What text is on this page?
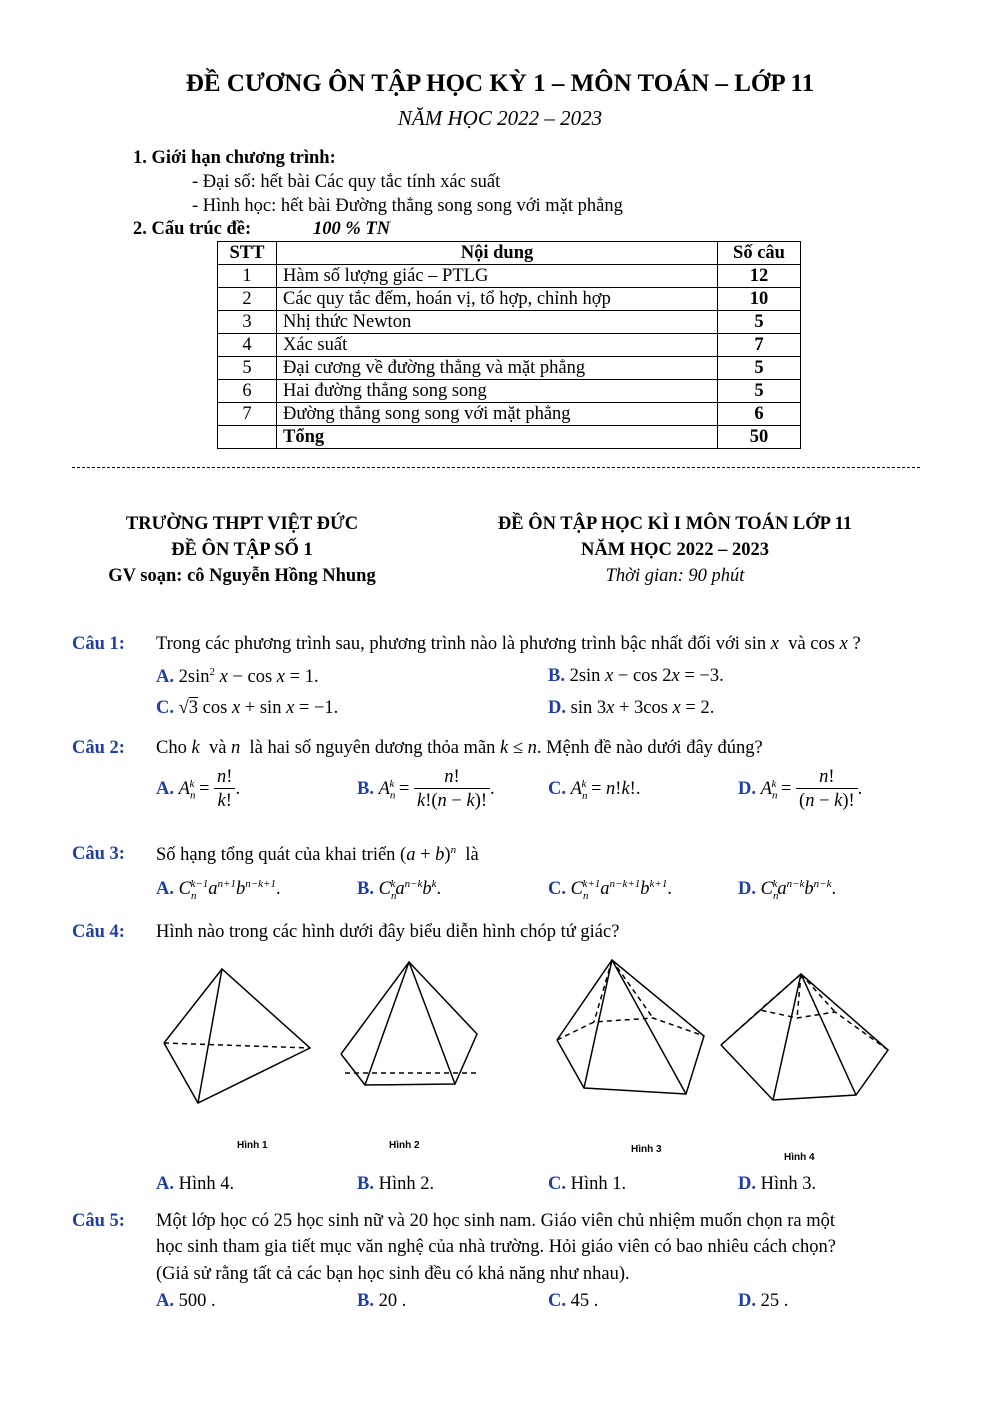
ĐỀ CƯƠNG ÔN TẬP HỌC KỲ 1 – MÔN TOÁN – LỚP 11
NĂM HỌC 2022 – 2023
1. Giới hạn chương trình:
- Đại số: hết bài Các quy tắc tính xác suất
- Hình học: hết bài Đường thẳng song song với mặt phẳng
2. Cấu trúc đề:	100 % TN
STT	Nội dung	Số câu
1	Hàm số lượng giác – PTLG	12
2	Các quy tắc đếm, hoán vị, tổ hợp, chỉnh hợp	10
3	Nhị thức Newton	5
4	Xác suất	7
5	Đại cương về đường thẳng và mặt phẳng	5
6	Hai đường thẳng song song	5
7	Đường thẳng song song với mặt phẳng	6
	Tổng	50
TRƯỜNG THPT VIỆT ĐỨC
ĐỀ ÔN TẬP SỐ 1
GV soạn: cô Nguyễn Hồng Nhung
ĐỀ ÔN TẬP HỌC KÌ I MÔN TOÁN LỚP 11
NĂM HỌC 2022 – 2023
Thời gian: 90 phút
Câu 1: Trong các phương trình sau, phương trình nào là phương trình bậc nhất đối với sin x và cos x ?
A. $2\sin^2$ x − cos x = 1.	B. 2sin x − cos 2x = −3.
C. √3 cos x + sin x = −1.	D. sin 3x + 3cos x = 2.
Câu 2: Cho k và n là hai số nguyên dương thỏa mãn k ≤ n. Mệnh đề nào dưới đây đúng?
A. $A_n^k = \frac{n!}{k!}$ .	B. $A_n^k = \frac{n!}{k!(n - k)!}$ .	C. $A_n^k = n!k$!.	D. $A_n^k = \frac{n!}{(n - k)!}$ .
Câu 3: Số hạng tổng quát của khai triển $(a + b)^n$ là
A. $C_n^{k-1}a^{n+1}b^{n-k+1}$.	B. $C_n^ka^{n-k}b^k$.	C. $C_n^{k+1}a^{n-k+1}b^{k+1}$.	D. $C_n^ka^{n-k}b^{n-k}$.
Câu 4: Hình nào trong các hình dưới đây biểu diễn hình chóp tứ giác?
Hình 1	Hình 2	Hình 3
Hình 4
A. Hình 4.	B. Hình 2.	C. Hình 1.	D. Hình 3.
Câu 5: Một lớp học có 25 học sinh nữ và 20 học sinh nam. Giáo viên chủ nhiệm muốn chọn ra một
học sinh tham gia tiết mục văn nghệ của nhà trường. Hỏi giáo viên có bao nhiêu cách chọn?
(Giả sử rằng tất cả các bạn học sinh đều có khả năng như nhau).
A. 500 .	B. 20 .	C. 45 .	D. 25 .
